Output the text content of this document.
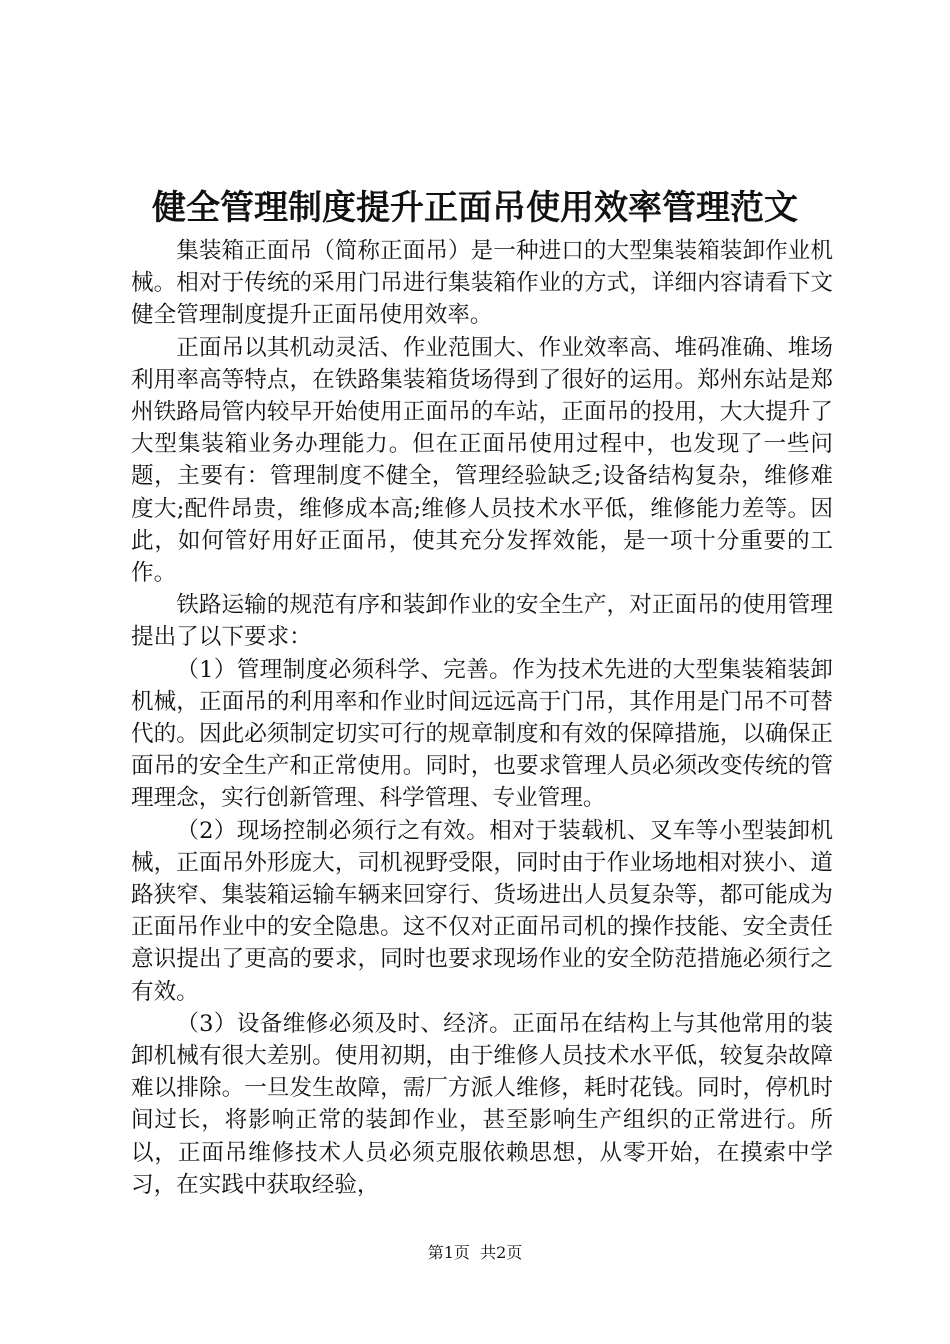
健全管理制度提升正面吊使用效率管理范文

集装箱正面吊（简称正面吊）是一种进口的大型集装箱装卸作业机械。相对于传统的采用门吊进行集装箱作业的方式，详细内容请看下文健全管理制度提升正面吊使用效率。

正面吊以其机动灵活、作业范围大、作业效率高、堆码准确、堆场利用率高等特点，在铁路集装箱货场得到了很好的运用。郑州东站是郑州铁路局管内较早开始使用正面吊的车站，正面吊的投用，大大提升了大型集装箱业务办理能力。但在正面吊使用过程中，也发现了一些问题，主要有：管理制度不健全，管理经验缺乏;设备结构复杂，维修难度大;配件昂贵，维修成本高;维修人员技术水平低，维修能力差等。因此，如何管好用好正面吊，使其充分发挥效能，是一项十分重要的工作。

铁路运输的规范有序和装卸作业的安全生产，对正面吊的使用管理提出了以下要求：

（1）管理制度必须科学、完善。作为技术先进的大型集装箱装卸机械，正面吊的利用率和作业时间远远高于门吊，其作用是门吊不可替代的。因此必须制定切实可行的规章制度和有效的保障措施，以确保正面吊的安全生产和正常使用。同时，也要求管理人员必须改变传统的管理理念，实行创新管理、科学管理、专业管理。

（2）现场控制必须行之有效。相对于装载机、叉车等小型装卸机械，正面吊外形庞大，司机视野受限，同时由于作业场地相对狭小、道路狭窄、集装箱运输车辆来回穿行、货场进出人员复杂等，都可能成为正面吊作业中的安全隐患。这不仅对正面吊司机的操作技能、安全责任意识提出了更高的要求，同时也要求现场作业的安全防范措施必须行之有效。

（3）设备维修必须及时、经济。正面吊在结构上与其他常用的装卸机械有很大差别。使用初期，由于维修人员技术水平低，较复杂故障难以排除。一旦发生故障，需厂方派人维修，耗时花钱。同时，停机时间过长，将影响正常的装卸作业，甚至影响生产组织的正常进行。所以，正面吊维修技术人员必须克服依赖思想，从零开始，在摸索中学习，在实践中获取经验，

第1页  共2页
